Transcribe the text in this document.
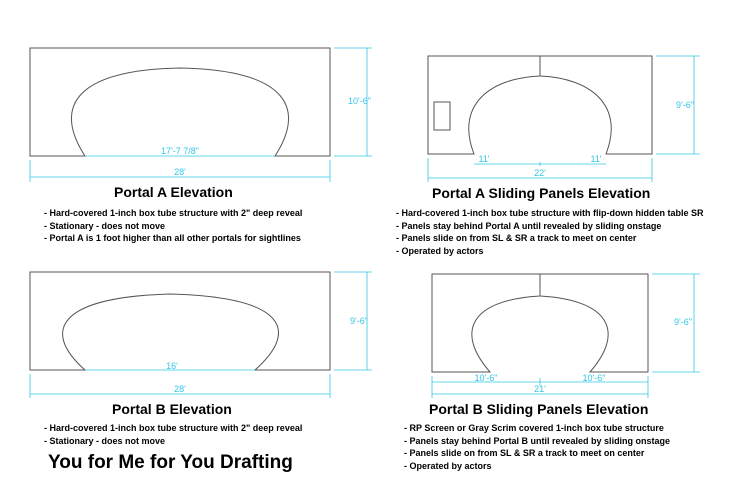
28'
17'-7 7/8"
10'-6"
22'
11'	11'
9'-6"
16'
28'
9'-6"
10'-6"	10'-6"
21'
9'-6"
Portal A Elevation	Portal A Sliding Panels Elevation
Portal B Elevation	Portal B Sliding Panels Elevation
- Hard-covered 1-inch box tube structure with 2" deep reveal
- Stationary - does not move
- Portal A is 1 foot higher than all other portals for sightlines
- Hard-covered 1-inch box tube structure with flip-down hidden table SR
- Panels stay behind Portal A until revealed by sliding onstage
- Panels slide on from SL & SR a track to meet on center
- Operated by actors
- Hard-covered 1-inch box tube structure with 2" deep reveal
- Stationary - does not move
- RP Screen or Gray Scrim covered 1-inch box tube structure
- Panels stay behind Portal B until revealed by sliding onstage
- Panels slide on from SL & SR a track to meet on center
- Operated by actors
You for Me for You Drafting
